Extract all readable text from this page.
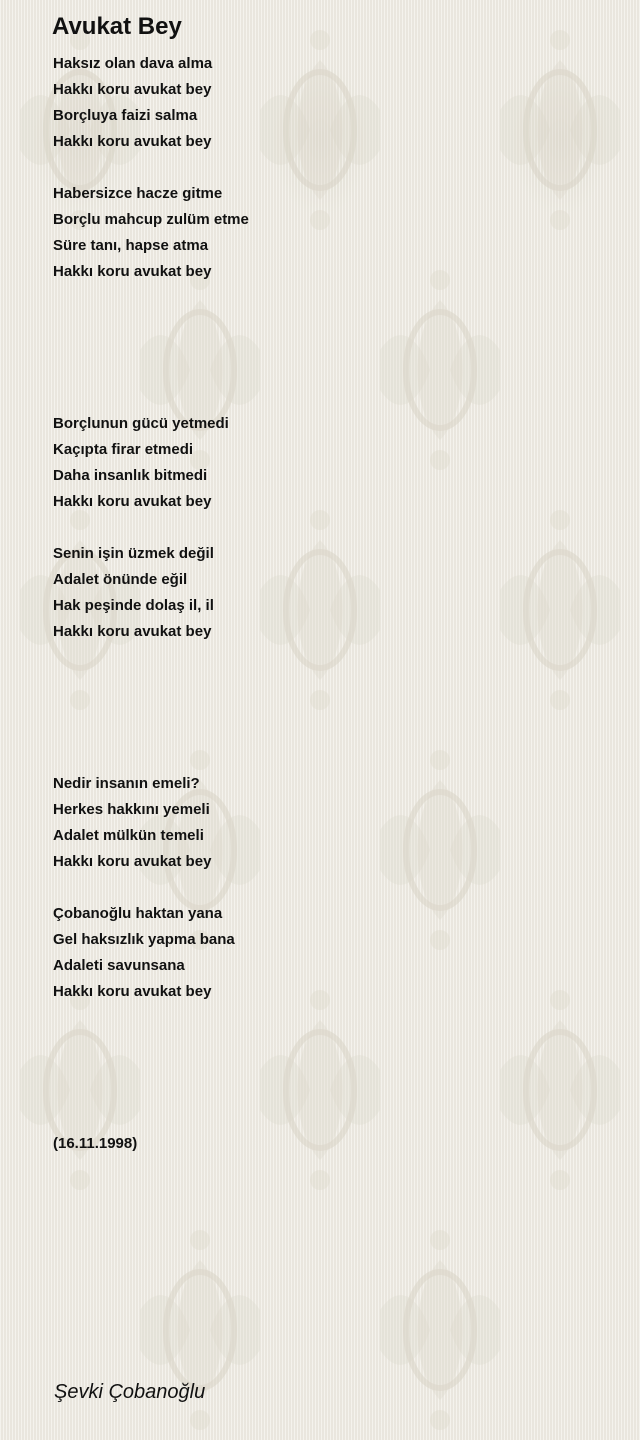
Avukat Bey
Haksız olan dava alma
Hakkı koru avukat bey
Borçluya faizi salma
Hakkı koru avukat bey
Habersizce hacze gitme
Borçlu mahcup zulüm etme
Süre tanı, hapse atma
Hakkı koru avukat bey
Borçlunun gücü yetmedi
Kaçıpta firar etmedi
Daha insanlık bitmedi
Hakkı koru avukat bey
Senin işin üzmek değil
Adalet önünde eğil
Hak peşinde dolaş il, il
Hakkı koru avukat bey
Nedir insanın emeli?
Herkes hakkını yemeli
Adalet mülkün temeli
Hakkı koru avukat bey
Çobanoğlu haktan yana
Gel haksızlık yapma bana
Adaleti savunsana
Hakkı koru avukat bey
(16.11.1998)
Şevki Çobanoğlu
